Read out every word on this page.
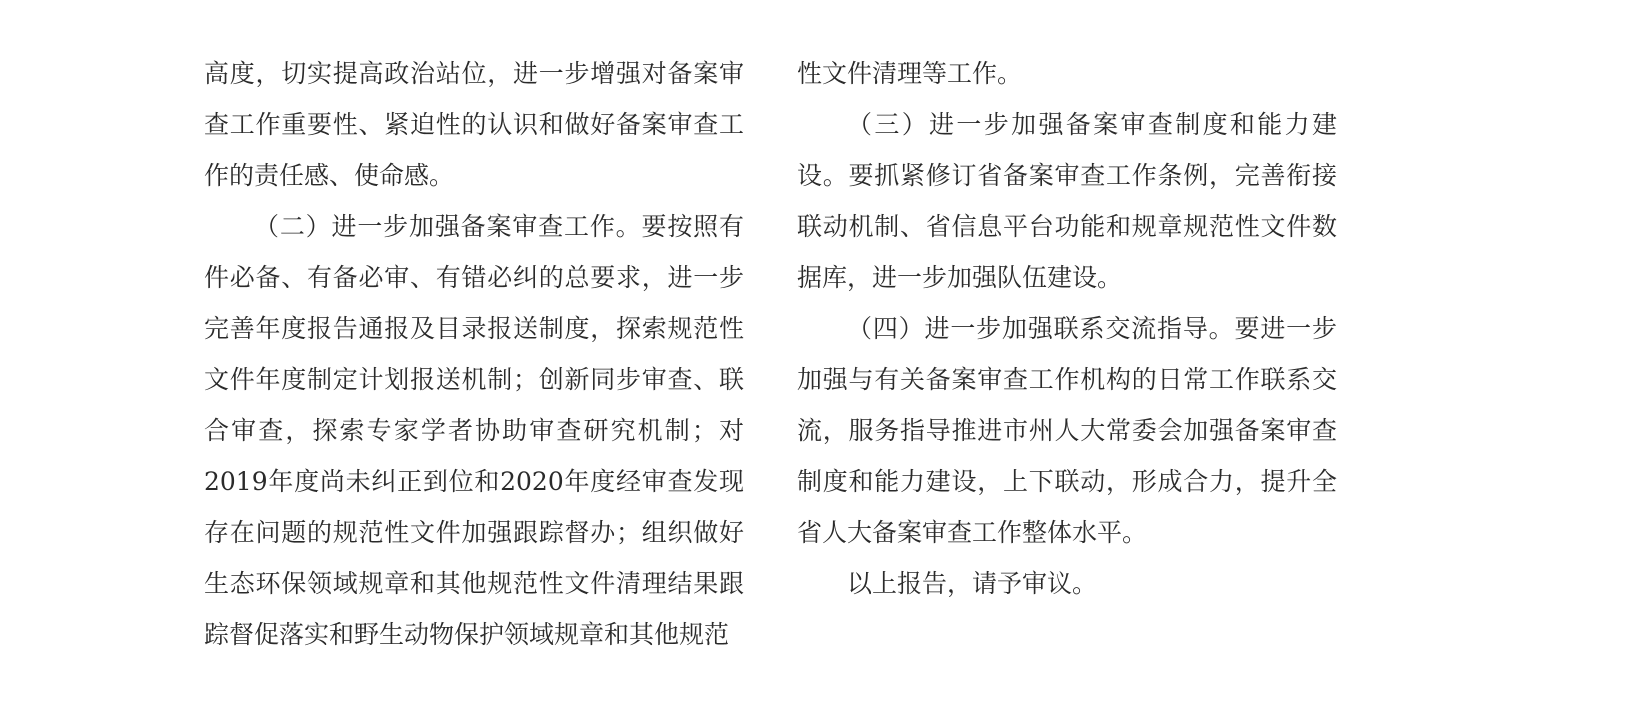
高度，切实提高政治站位，进一步增强对备案审查工作重要性、紧迫性的认识和做好备案审查工作的责任感、使命感。

（二）进一步加强备案审查工作。要按照有件必备、有备必审、有错必纠的总要求，进一步完善年度报告通报及目录报送制度，探索规范性文件年度制定计划报送机制；创新同步审查、联合审查，探索专家学者协助审查研究机制；对2019年度尚未纠正到位和2020年度经审查发现存在问题的规范性文件加强跟踪督办；组织做好生态环保领域规章和其他规范性文件清理结果跟踪督促落实和野生动物保护领域规章和其他规范

性文件清理等工作。

（三）进一步加强备案审查制度和能力建设。要抓紧修订省备案审查工作条例，完善衔接联动机制、省信息平台功能和规章规范性文件数据库，进一步加强队伍建设。

（四）进一步加强联系交流指导。要进一步加强与有关备案审查工作机构的日常工作联系交流，服务指导推进市州人大常委会加强备案审查制度和能力建设，上下联动，形成合力，提升全省人大备案审查工作整体水平。

以上报告，请予审议。
